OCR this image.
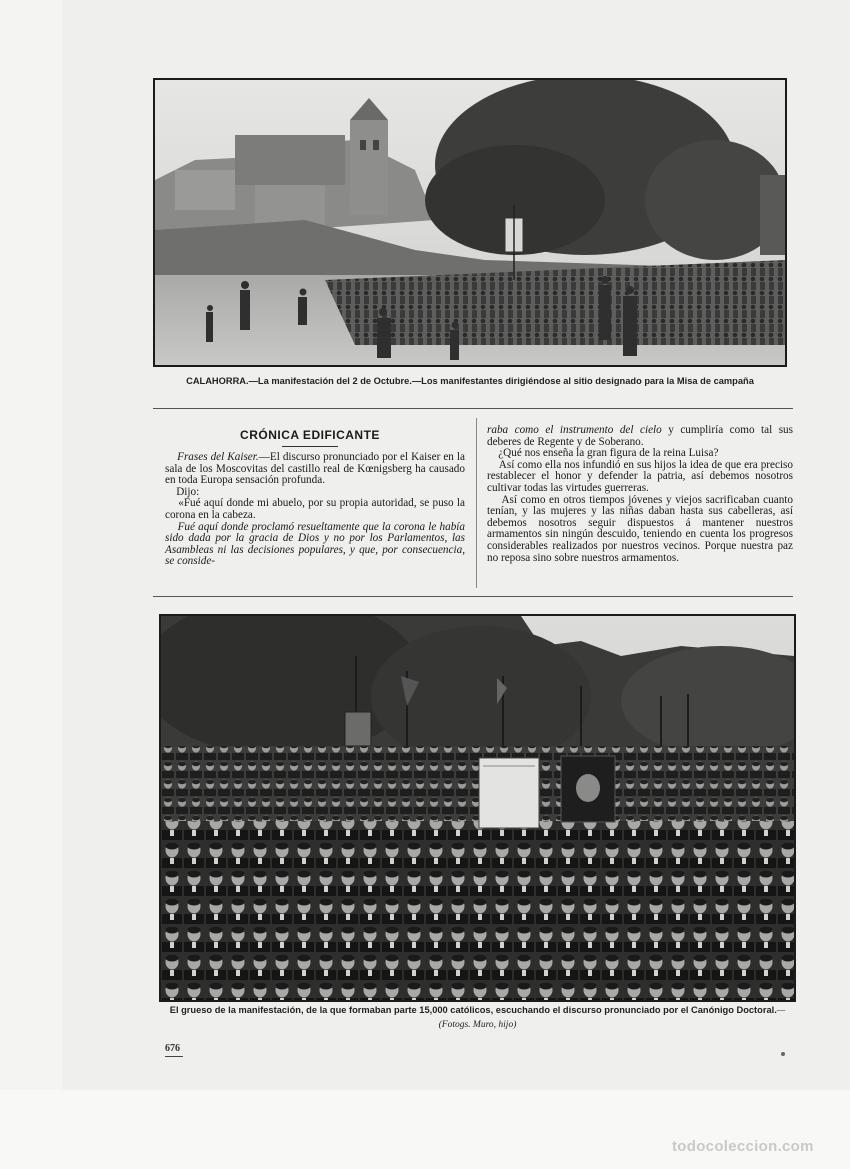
CALAHORRA.—La manifestación del 2 de Octubre.—Los manifestantes dirigiéndose al sitio designado para la Misa de campaña
CRÓNICA EDIFICANTE

Frases del Kaiser.—El discurso pronunciado por el Kaiser en la sala de los Moscovitas del castillo real de Kœnigsberg ha causado en toda Europa sensación profunda.

Dijo:

«Fué aquí donde mi abuelo, por su propia autoridad, se puso la corona en la cabeza.

Fué aquí donde proclamó resueltamente que la corona le había sido dada por la gracia de Dios y no por los Parlamentos, las Asambleas ni las decisiones populares, y que, por consecuencia, se conside-

raba como el instrumento del cielo y cumpliría como tal sus deberes de Regente y de Soberano.

¿Qué nos enseña la gran figura de la reina Luisa?

Así como ella nos infundió en sus hijos la idea de que era preciso restablecer el honor y defender la patria, así debemos nosotros cultivar todas las virtudes guerreras.

Así como en otros tiempos jóvenes y viejos sacrificaban cuanto tenían, y las mujeres y las niñas daban hasta sus cabelleras, así debemos nosotros seguir dispuestos á mantener nuestros armamentos sin ningún descuido, teniendo en cuenta los progresos considerables realizados por nuestros vecinos. Porque nuestra paz no reposa sino sobre nuestros armamentos.

El grueso de la manifestación, de la que formaban parte 15,000 católicos, escuchando el discurso pronunciado por el Canónigo Doctoral.—(Fotogs. Muro, hijo)
676
todocoleccion.com
